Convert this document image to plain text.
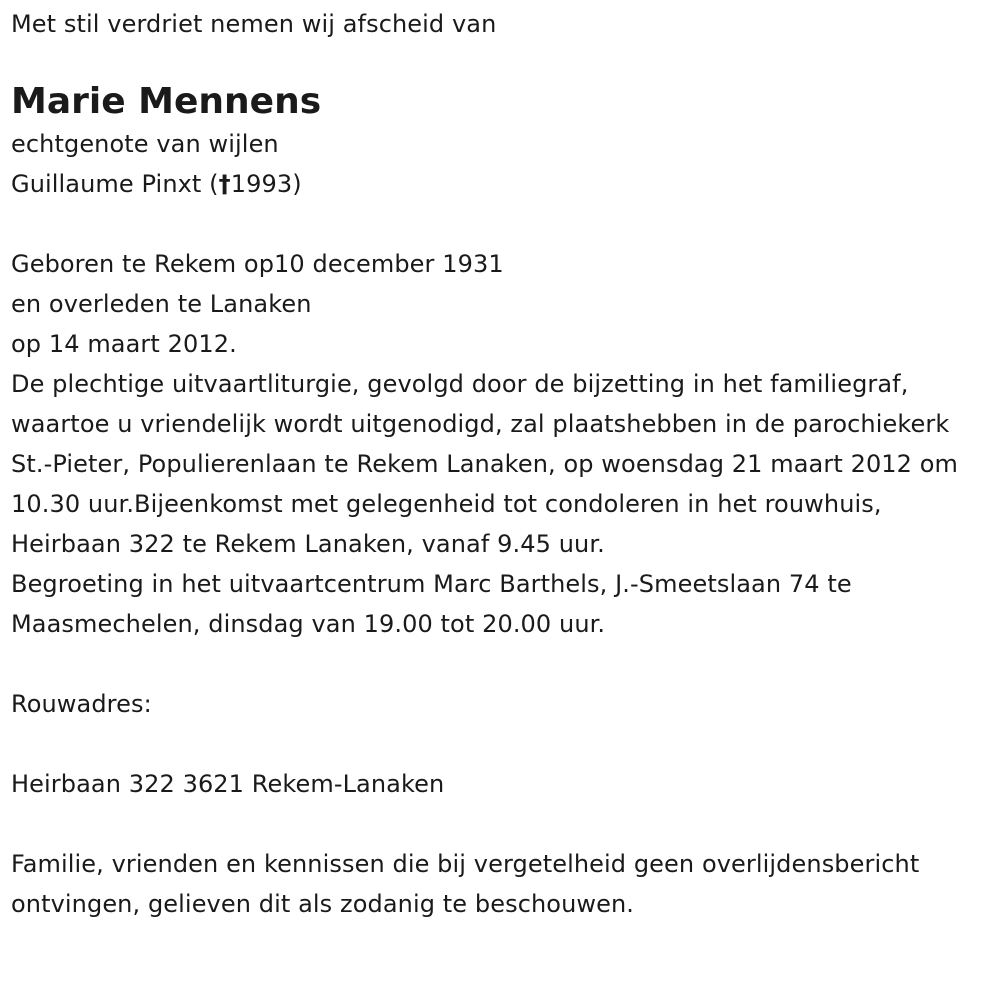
Met stil verdriet nemen wij afscheid van
Marie Mennens
echtgenote van wijlen
Guillaume Pinxt (†1993)
Geboren te Rekem op10 december 1931
en overleden te Lanaken
op 14 maart 2012.
De plechtige uitvaartliturgie, gevolgd door de bijzetting in het familiegraf, waartoe u vriendelijk wordt uitgenodigd, zal plaatshebben in de parochiekerk St.-Pieter, Populierenlaan te Rekem Lanaken, op woensdag 21 maart 2012 om 10.30 uur.Bijeenkomst met gelegenheid tot condoleren in het rouwhuis, Heirbaan 322 te Rekem Lanaken, vanaf 9.45 uur.
Begroeting in het uitvaartcentrum Marc Barthels, J.-Smeetslaan 74 te Maasmechelen, dinsdag van 19.00 tot 20.00 uur.
Rouwadres:
Heirbaan 322 3621 Rekem-Lanaken
Familie, vrienden en kennissen die bij vergetelheid geen overlijdensbericht ontvingen, gelieven dit als zodanig te beschouwen.
